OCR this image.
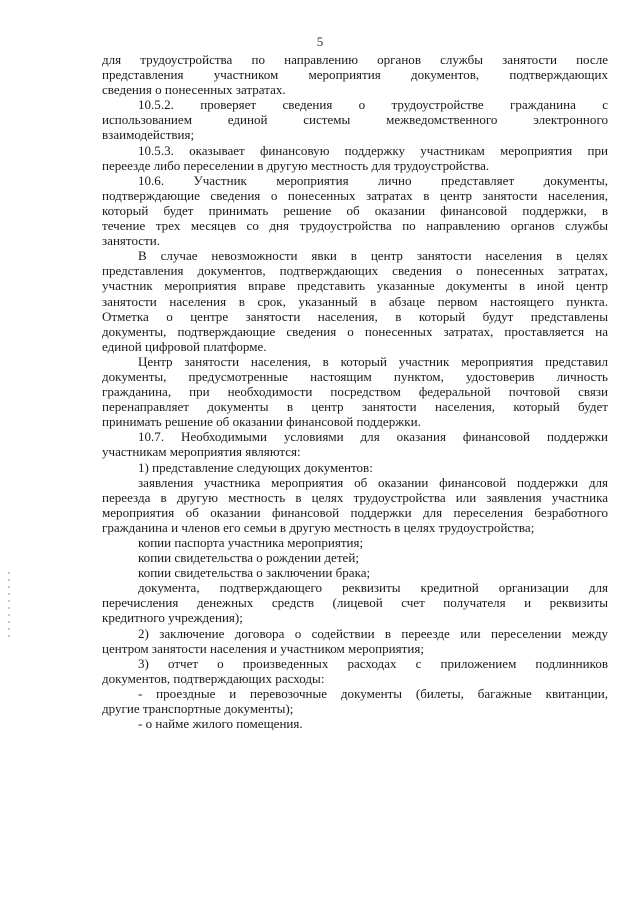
5
для трудоустройства по направлению органов службы занятости после
представления участником мероприятия документов, подтверждающих
сведения о понесенных затратах.
10.5.2. проверяет сведения о трудоустройстве гражданина с
использованием единой системы межведомственного электронного
взаимодействия;
10.5.3. оказывает финансовую поддержку участникам мероприятия при
переезде либо переселении в другую местность для трудоустройства.
10.6. Участник мероприятия лично представляет документы,
подтверждающие сведения о понесенных затратах в центр занятости населения,
который будет принимать решение об оказании финансовой поддержки, в
течение трех месяцев со дня трудоустройства по направлению органов службы
занятости.
В случае невозможности явки в центр занятости населения в целях
представления документов, подтверждающих сведения о понесенных затратах,
участник мероприятия вправе представить указанные документы в иной центр
занятости населения в срок, указанный в абзаце первом настоящего пункта.
Отметка о центре занятости населения, в который будут представлены
документы, подтверждающие сведения о понесенных затратах, проставляется на
единой цифровой платформе.
Центр занятости населения, в который участник мероприятия представил
документы, предусмотренные настоящим пунктом, удостоверив личность
гражданина, при необходимости посредством федеральной почтовой связи
перенаправляет документы в центр занятости населения, который будет
принимать решение об оказании финансовой поддержки.
10.7. Необходимыми условиями для оказания финансовой поддержки
участникам мероприятия являются:
1) представление следующих документов:
заявления участника мероприятия об оказании финансовой поддержки для
переезда в другую местность в целях трудоустройства или заявления участника
мероприятия об оказании финансовой поддержки для переселения безработного
гражданина и членов его семьи в другую местность в целях трудоустройства;
копии паспорта участника мероприятия;
копии свидетельства о рождении детей;
копии свидетельства о заключении брака;
документа, подтверждающего реквизиты кредитной организации для
перечисления денежных средств (лицевой счет получателя и реквизиты
кредитного учреждения);
2) заключение договора о содействии в переезде или переселении между
центром занятости населения и участником мероприятия;
3) отчет о произведенных расходах с приложением подлинников
документов, подтверждающих расходы:
- проездные и перевозочные документы (билеты, багажные квитанции,
другие транспортные документы);
- о найме жилого помещения.
